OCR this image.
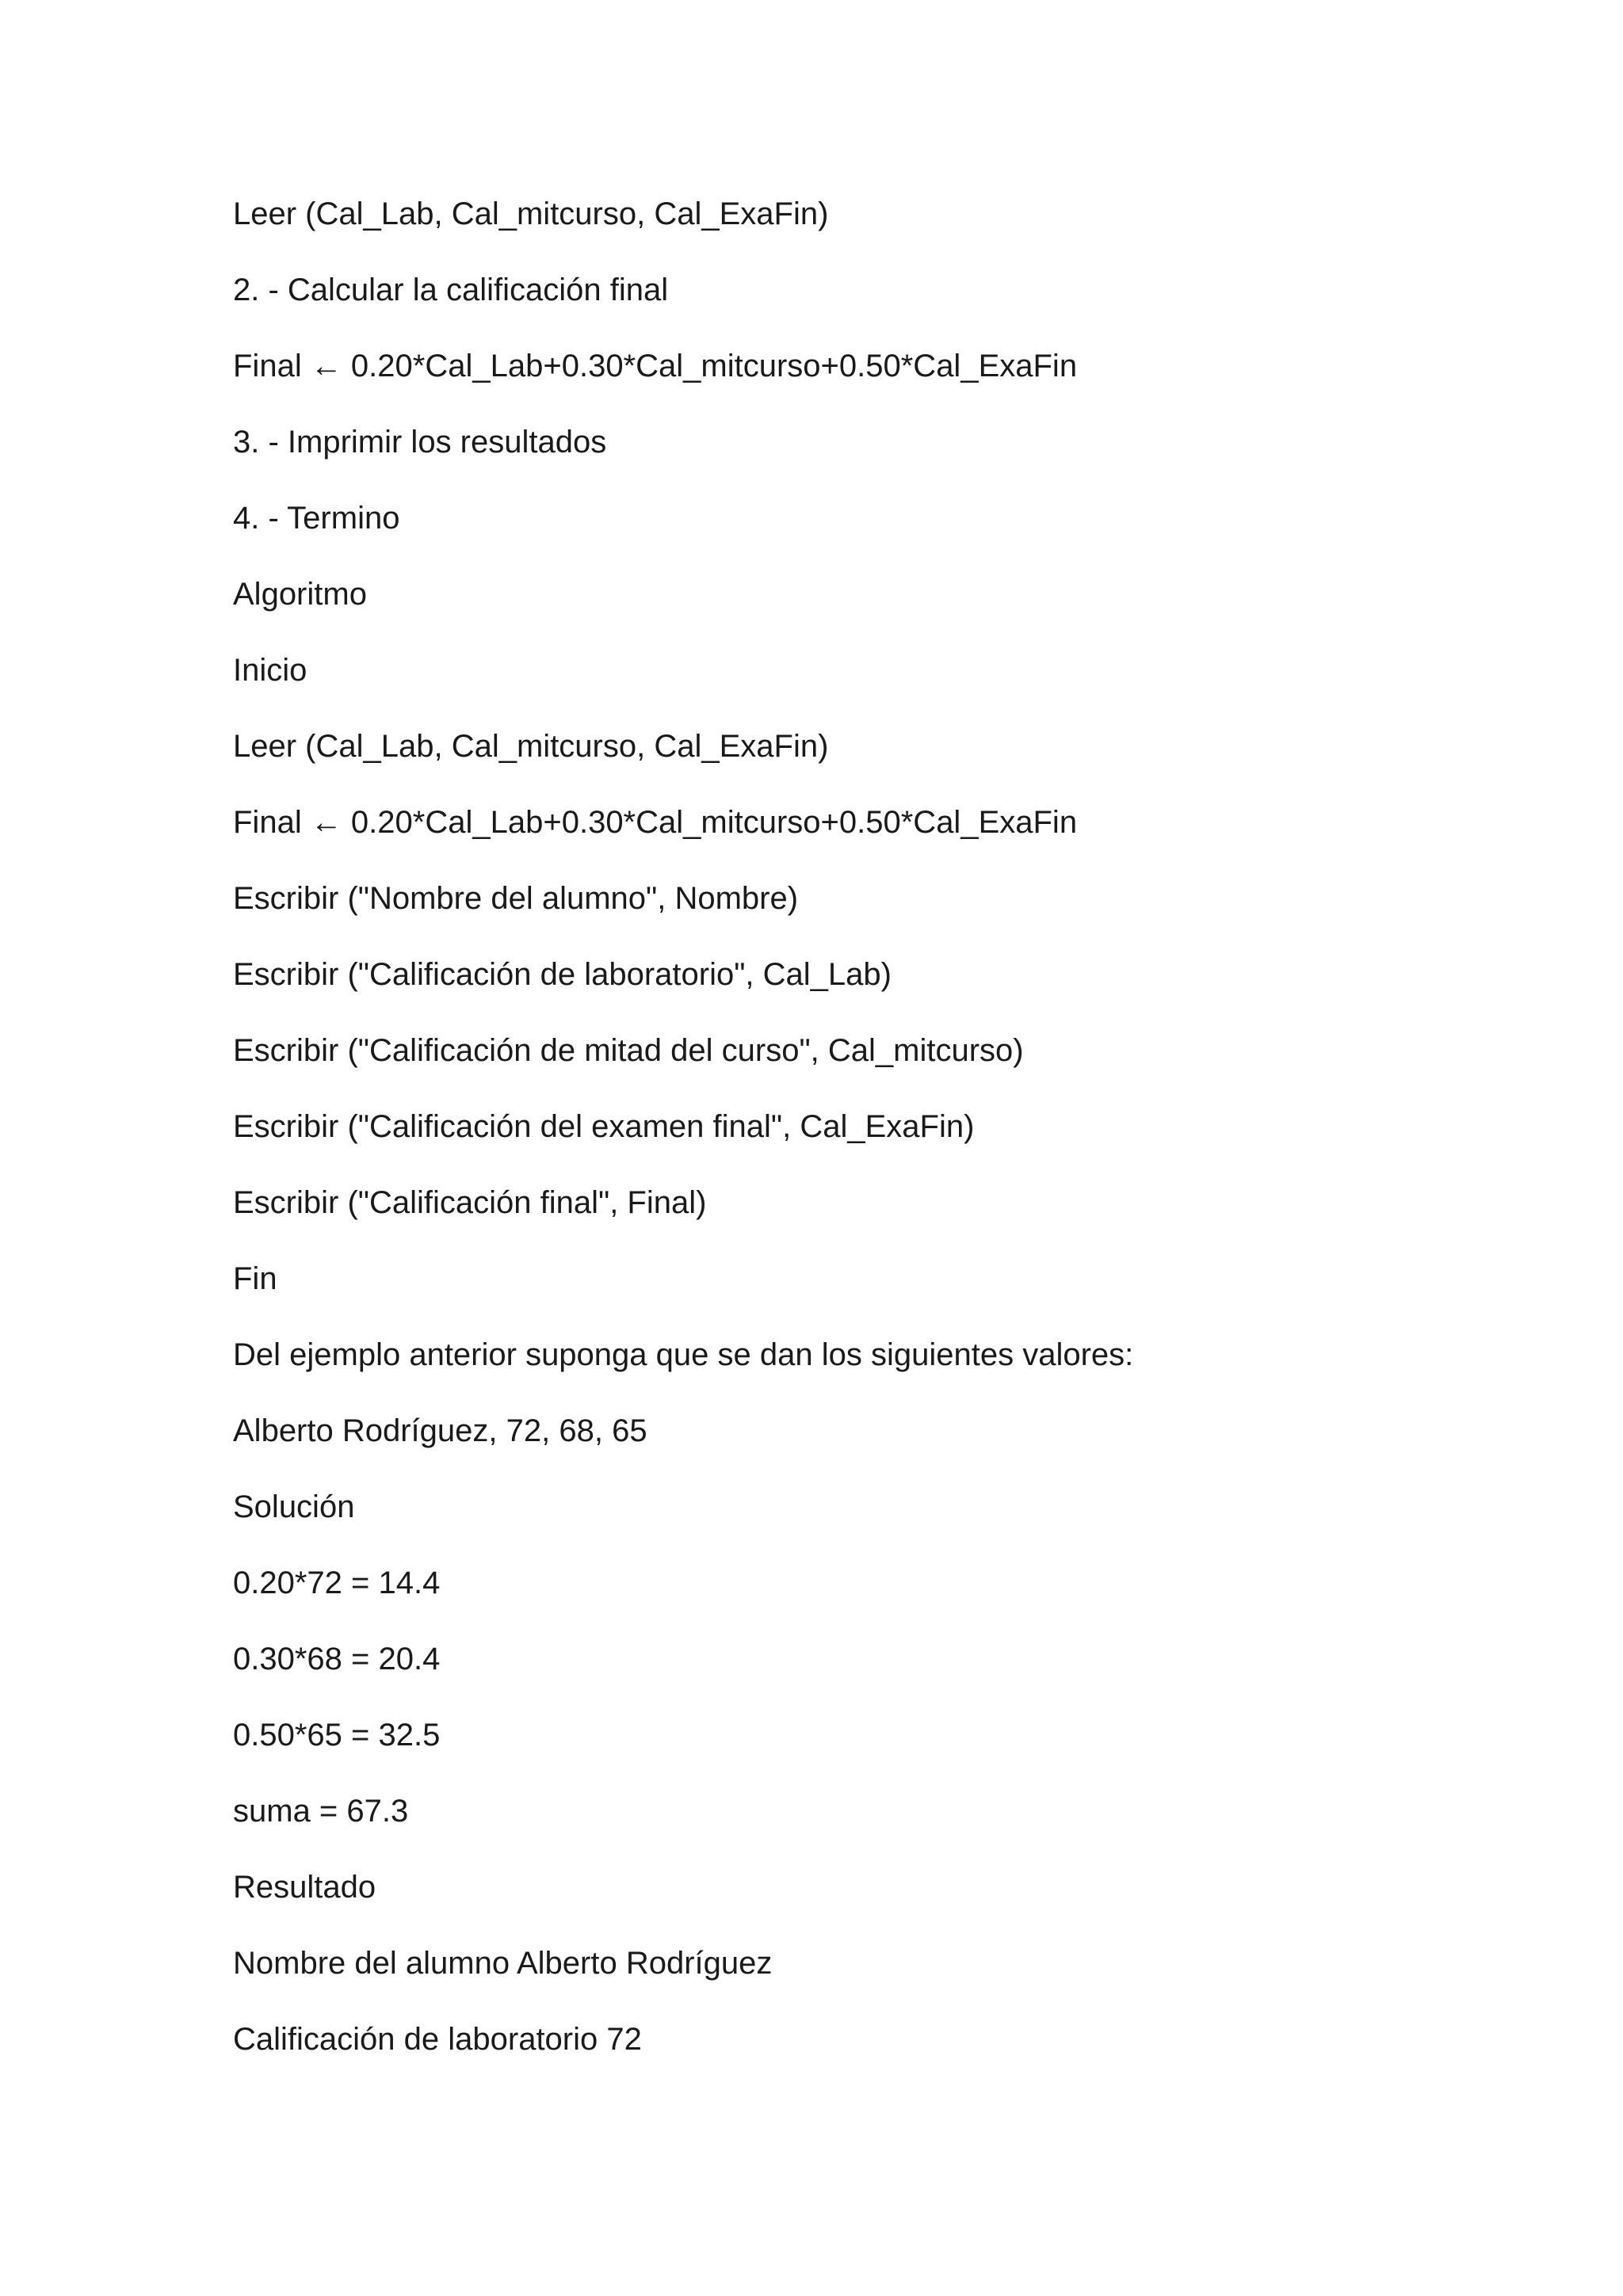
Leer (Cal_Lab, Cal_mitcurso, Cal_ExaFin)
2. - Calcular la calificación final
Final ← 0.20*Cal_Lab+0.30*Cal_mitcurso+0.50*Cal_ExaFin
3. - Imprimir los resultados
4. - Termino
Algoritmo
Inicio
Leer (Cal_Lab, Cal_mitcurso, Cal_ExaFin)
Final ← 0.20*Cal_Lab+0.30*Cal_mitcurso+0.50*Cal_ExaFin
Escribir ("Nombre del alumno", Nombre)
Escribir ("Calificación de laboratorio", Cal_Lab)
Escribir ("Calificación de mitad del curso", Cal_mitcurso)
Escribir ("Calificación del examen final", Cal_ExaFin)
Escribir ("Calificación final", Final)
Fin
Del ejemplo anterior suponga que se dan los siguientes valores:
Alberto Rodríguez, 72, 68, 65
Solución
0.20*72 = 14.4
0.30*68 = 20.4
0.50*65 = 32.5
suma = 67.3
Resultado
Nombre del alumno Alberto Rodríguez
Calificación de laboratorio 72
